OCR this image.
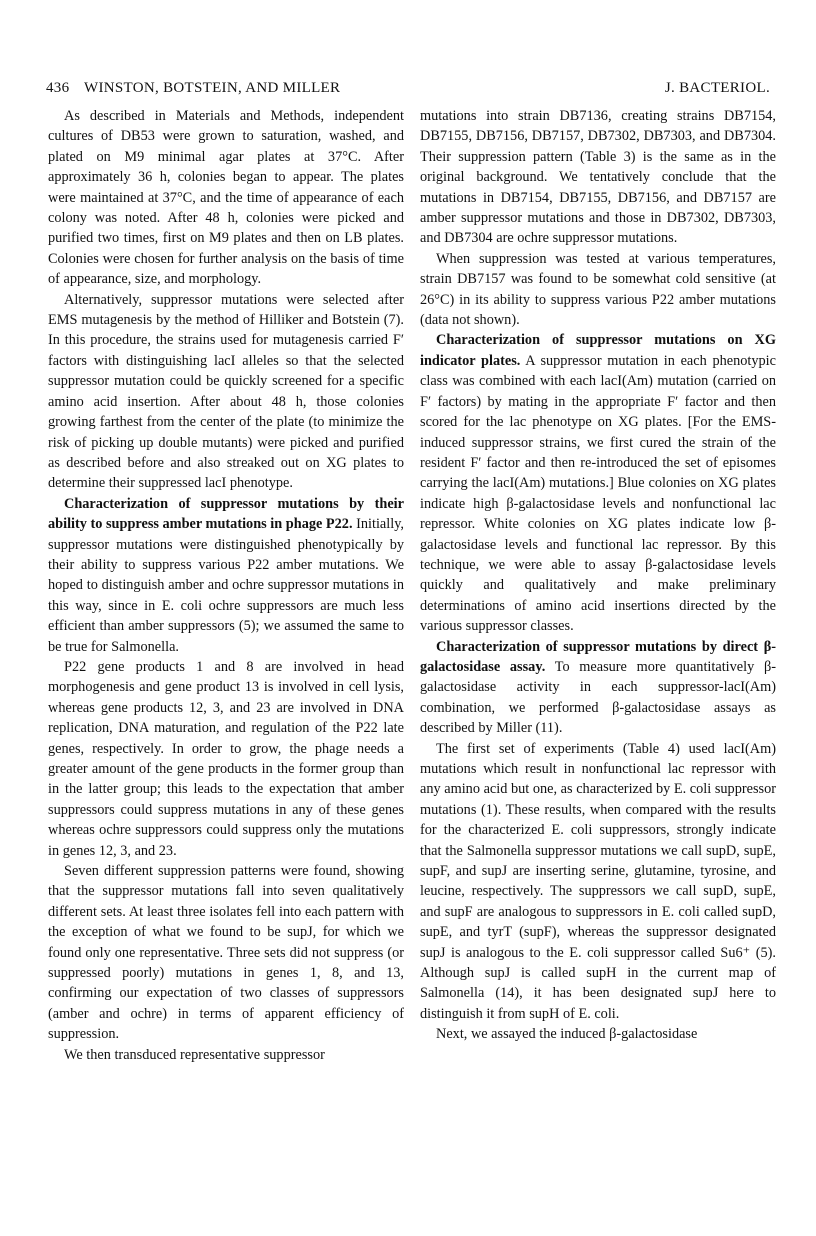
436 WINSTON, BOTSTEIN, AND MILLER	J. BACTERIOL.

As described in Materials and Methods, independent cultures of DB53 were grown to saturation, washed, and plated on M9 minimal agar plates at 37°C. After approximately 36 h, colonies began to appear. The plates were maintained at 37°C, and the time of appearance of each colony was noted. After 48 h, colonies were picked and purified two times, first on M9 plates and then on LB plates. Colonies were chosen for further analysis on the basis of time of appearance, size, and morphology.

Alternatively, suppressor mutations were selected after EMS mutagenesis by the method of Hilliker and Botstein (7). In this procedure, the strains used for mutagenesis carried F′ factors with distinguishing lacI alleles so that the selected suppressor mutation could be quickly screened for a specific amino acid insertion. After about 48 h, those colonies growing farthest from the center of the plate (to minimize the risk of picking up double mutants) were picked and purified as described before and also streaked out on XG plates to determine their suppressed lacI phenotype.

Characterization of suppressor mutations by their ability to suppress amber mutations in phage P22. Initially, suppressor mutations were distinguished phenotypically by their ability to suppress various P22 amber mutations. We hoped to distinguish amber and ochre suppressor mutations in this way, since in E. coli ochre suppressors are much less efficient than amber suppressors (5); we assumed the same to be true for Salmonella.

P22 gene products 1 and 8 are involved in head morphogenesis and gene product 13 is involved in cell lysis, whereas gene products 12, 3, and 23 are involved in DNA replication, DNA maturation, and regulation of the P22 late genes, respectively. In order to grow, the phage needs a greater amount of the gene products in the former group than in the latter group; this leads to the expectation that amber suppressors could suppress mutations in any of these genes whereas ochre suppressors could suppress only the mutations in genes 12, 3, and 23.

Seven different suppression patterns were found, showing that the suppressor mutations fall into seven qualitatively different sets. At least three isolates fell into each pattern with the exception of what we found to be supJ, for which we found only one representative. Three sets did not suppress (or suppressed poorly) mutations in genes 1, 8, and 13, confirming our expectation of two classes of suppressors (amber and ochre) in terms of apparent efficiency of suppression.

We then transduced representative suppressor

mutations into strain DB7136, creating strains DB7154, DB7155, DB7156, DB7157, DB7302, DB7303, and DB7304. Their suppression pattern (Table 3) is the same as in the original background. We tentatively conclude that the mutations in DB7154, DB7155, DB7156, and DB7157 are amber suppressor mutations and those in DB7302, DB7303, and DB7304 are ochre suppressor mutations.

When suppression was tested at various temperatures, strain DB7157 was found to be somewhat cold sensitive (at 26°C) in its ability to suppress various P22 amber mutations (data not shown).

Characterization of suppressor mutations on XG indicator plates. A suppressor mutation in each phenotypic class was combined with each lacI(Am) mutation (carried on F′ factors) by mating in the appropriate F′ factor and then scored for the lac phenotype on XG plates. [For the EMS-induced suppressor strains, we first cured the strain of the resident F′ factor and then re-introduced the set of episomes carrying the lacI(Am) mutations.] Blue colonies on XG plates indicate high β-galactosidase levels and nonfunctional lac repressor. White colonies on XG plates indicate low β-galactosidase levels and functional lac repressor. By this technique, we were able to assay β-galactosidase levels quickly and qualitatively and make preliminary determinations of amino acid insertions directed by the various suppressor classes.

Characterization of suppressor mutations by direct β-galactosidase assay. To measure more quantitatively β-galactosidase activity in each suppressor-lacI(Am) combination, we performed β-galactosidase assays as described by Miller (11).

The first set of experiments (Table 4) used lacI(Am) mutations which result in nonfunctional lac repressor with any amino acid but one, as characterized by E. coli suppressor mutations (1). These results, when compared with the results for the characterized E. coli suppressors, strongly indicate that the Salmonella suppressor mutations we call supD, supE, supF, and supJ are inserting serine, glutamine, tyrosine, and leucine, respectively. The suppressors we call supD, supE, and supF are analogous to suppressors in E. coli called supD, supE, and tyrT (supF), whereas the suppressor designated supJ is analogous to the E. coli suppressor called Su6⁺ (5). Although supJ is called supH in the current map of Salmonella (14), it has been designated supJ here to distinguish it from supH of E. coli.

Next, we assayed the induced β-galactosidase
